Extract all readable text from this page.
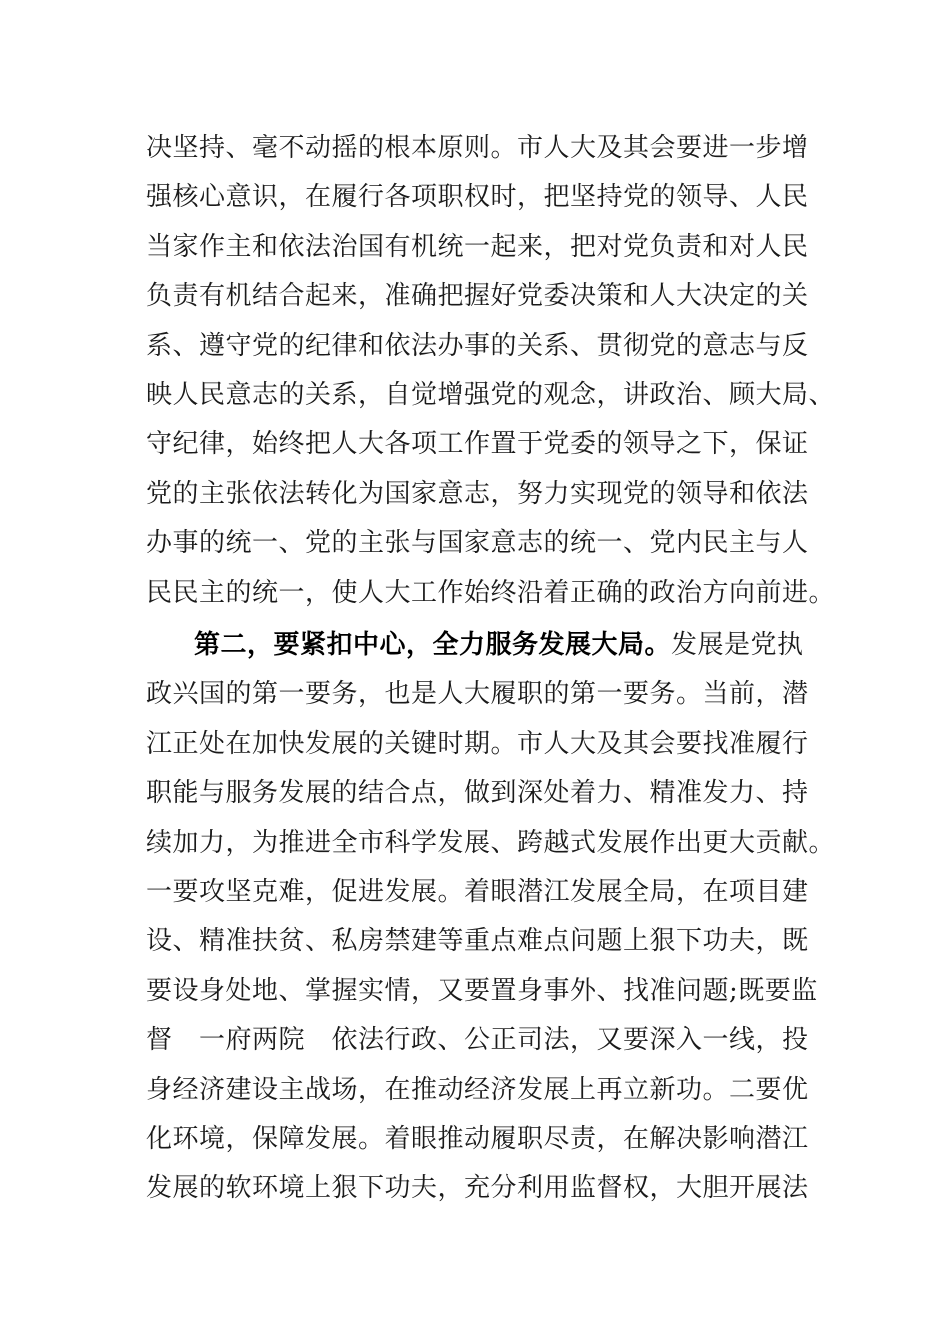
决坚持、毫不动摇的根本原则。市人大及其会要进一步增
强核心意识，在履行各项职权时，把坚持党的领导、人民
当家作主和依法治国有机统一起来，把对党负责和对人民
负责有机结合起来，准确把握好党委决策和人大决定的关
系、遵守党的纪律和依法办事的关系、贯彻党的意志与反
映人民意志的关系，自觉增强党的观念，讲政治、顾大局、
守纪律，始终把人大各项工作置于党委的领导之下，保证
党的主张依法转化为国家意志，努力实现党的领导和依法
办事的统一、党的主张与国家意志的统一、党内民主与人
民民主的统一，使人大工作始终沿着正确的政治方向前进。
第二，要紧扣中心，全力服务发展大局。发展是党执
政兴国的第一要务，也是人大履职的第一要务。当前，潜
江正处在加快发展的关键时期。市人大及其会要找准履行
职能与服务发展的结合点，做到深处着力、精准发力、持
续加力，为推进全市科学发展、跨越式发展作出更大贡献。
一要攻坚克难，促进发展。着眼潜江发展全局，在项目建
设、精准扶贫、私房禁建等重点难点问题上狠下功夫，既
要设身处地、掌握实情，又要置身事外、找准问题;既要监
督　一府两院　依法行政、公正司法，又要深入一线，投
身经济建设主战场，在推动经济发展上再立新功。二要优
化环境，保障发展。着眼推动履职尽责，在解决影响潜江
发展的软环境上狠下功夫，充分利用监督权，大胆开展法
